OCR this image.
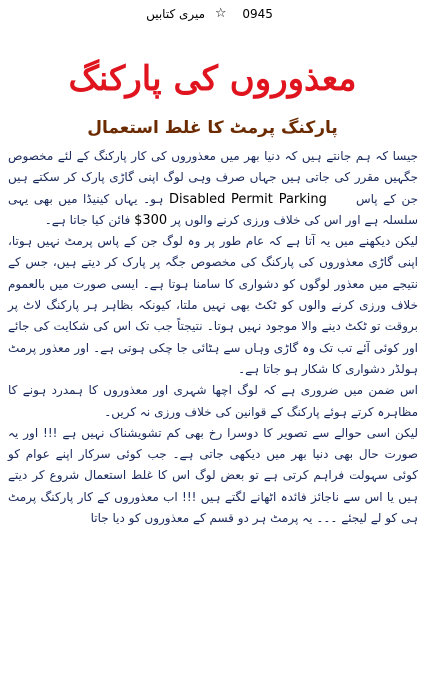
میری کتابیں ☆ 0945
معذوروں کی پارکنگ
پارکنگ پرمٹ کا غلط استعمال

جیسا کہ ہم جانتے ہیں کہ دنیا بھر میں معذوروں کی کار پارکنگ کے لئے مخصوص جگہیں مقرر کی جاتی ہیں جہاں صرف وہی لوگ اپنی گاڑی پارک کر سکتے ہیں جن کے پاس  Disabled Permit Parking ہو۔ یہاں کینیڈا میں بھی یہی سلسلہ ہے اور اس کی خلاف ورزی کرنے والوں پر $300 فائن کیا جاتا ہے۔

لیکن دیکھنے میں یہ آتا ہے کہ عام طور پر وہ لوگ جن کے پاس پرمٹ نہیں ہوتا، اپنی گاڑی معذوروں کی پارکنگ کی مخصوص جگہ پر پارک کر دیتے ہیں، جس کے نتیجے میں معذور لوگوں کو دشواری کا سامنا ہوتا ہے۔ ایسی صورت میں بالعموم خلاف ورزی کرنے والوں کو ٹکٹ بھی نہیں ملتا، کیونکہ بظاہر ہر پارکنگ لاٹ پر بروقت تو ٹکٹ دینے والا موجود نہیں ہوتا۔ نتیجتاً جب تک اس کی شکایت کی جائے اور کوئی آئے تب تک وہ گاڑی وہاں سے ہٹائی جا چکی ہوتی ہے۔ اور معذور پرمٹ ہولڈر دشواری کا شکار ہو جاتا ہے۔

اس ضمن میں ضروری ہے کہ لوگ اچھا شہری اور معذوروں کا ہمدرد ہونے کا مظاہرہ کرتے ہوئے پارکنگ کے قوانین کی خلاف ورزی نہ کریں۔

لیکن اسی حوالے سے تصویر کا دوسرا رخ بھی کم تشویشناک نہیں ہے !!! اور یہ صورت حال بھی دنیا بھر میں دیکھی جاتی ہے۔ جب کوئی سرکار اپنے عوام کو کوئی سہولت فراہم کرتی ہے تو بعض لوگ اس کا غلط استعمال شروع کر دیتے ہیں یا اس سے ناجائز فائدہ اٹھانے لگتے ہیں !!! اب معذوروں کے کار پارکنگ پرمٹ ہی کو لے لیجئے ۔۔۔ یہ پرمٹ ہر دو قسم کے معذوروں کو دیا جاتا
